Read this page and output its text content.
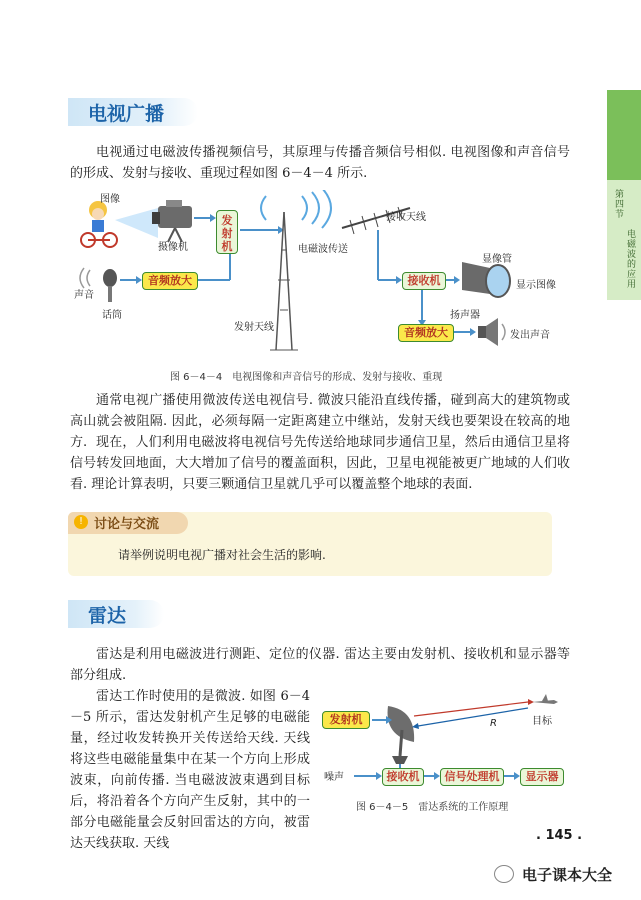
第四节
电磁波的应用
电视广播
电视通过电磁波传播视频信号，其原理与传播音频信号相似. 电视图像和声音信号的形成、发射与接收、重现过程如图 6－4－4 所示.
图像
摄像机
发射机
声音
话筒
音频放大
电磁波传送
发射天线
接收天线
接收机
显像管
显示图像
扬声器
音频放大	发出声音
图 6－4－4　电视图像和声音信号的形成、发射与接收、重现
通常电视广播使用微波传送电视信号. 微波只能沿直线传播，碰到高大的建筑物或高山就会被阻隔. 因此，必须每隔一定距离建立中继站，发射天线也要架设在较高的地方. 现在，人们利用电磁波将电视信号先传送给地球同步通信卫星，然后由通信卫星将信号转发回地面，大大增加了信号的覆盖面积，因此，卫星电视能被更广地域的人们收看. 理论计算表明，只要三颗通信卫星就几乎可以覆盖整个地球的表面.
! 讨论与交流
请举例说明电视广播对社会生活的影响.
雷达
雷达是利用电磁波进行测距、定位的仪器. 雷达主要由发射机、接收机和显示器等部分组成.
雷达工作时使用的是微波. 如图 6－4－5 所示，雷达发射机产生足够的电磁能量，经过收发转换开关传送给天线. 天线将这些电磁能量集中在某一个方向上形成波束，向前传播. 当电磁波波束遇到目标后，将沿着各个方向产生反射，其中的一部分电磁能量会反射回雷达的方向，被雷达天线获取. 天线
发射机	目标
R
噪声	接收机	信号处理机	显示器
图 6－4－5　雷达系统的工作原理
. 145 .
电子课本大全
